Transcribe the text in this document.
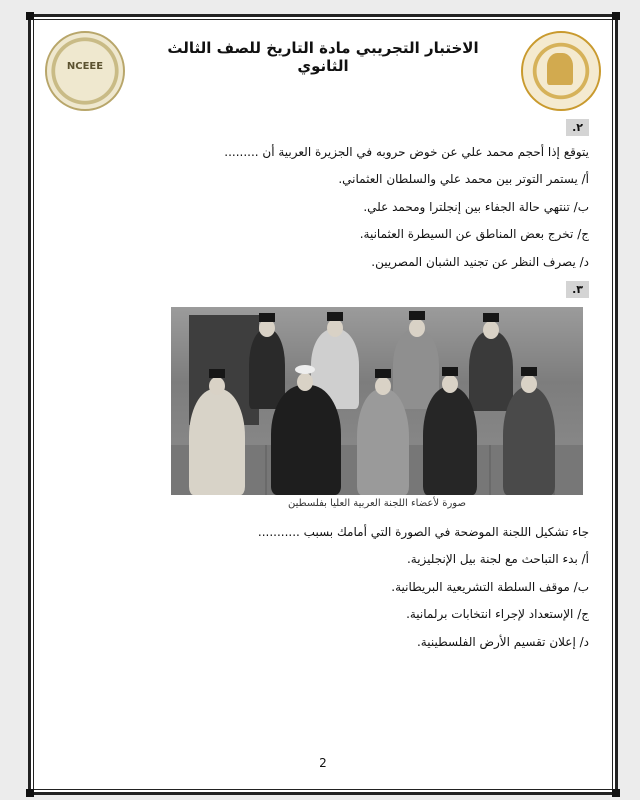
NCEEE
الاختبار التجريبي مادة التاريخ للصف الثالث الثانوي
٢.
يتوقع إذا أحجم محمد علي عن خوض حروبه في الجزيرة العربية أن .........
أ/ يستمر التوتر بين محمد علي والسلطان العثماني.
ب/ تنتهي حالة الجفاء بين إنجلترا ومحمد علي.
ج/ تخرج بعض المناطق عن السيطرة العثمانية.
د/ يصرف النظر عن تجنيد الشبان المصريين.
٣.
صورة لأعضاء اللجنة العربية العليا بفلسطين
جاء تشكيل اللجنة الموضحة في الصورة التي أمامك بسبب ...........
أ/ بدء التباحث مع لجنة بيل الإنجليزية.
ب/ موقف السلطة التشريعية البريطانية.
ج/ الإستعداد لإجراء انتخابات برلمانية.
د/ إعلان تقسيم الأرض الفلسطينية.
2
